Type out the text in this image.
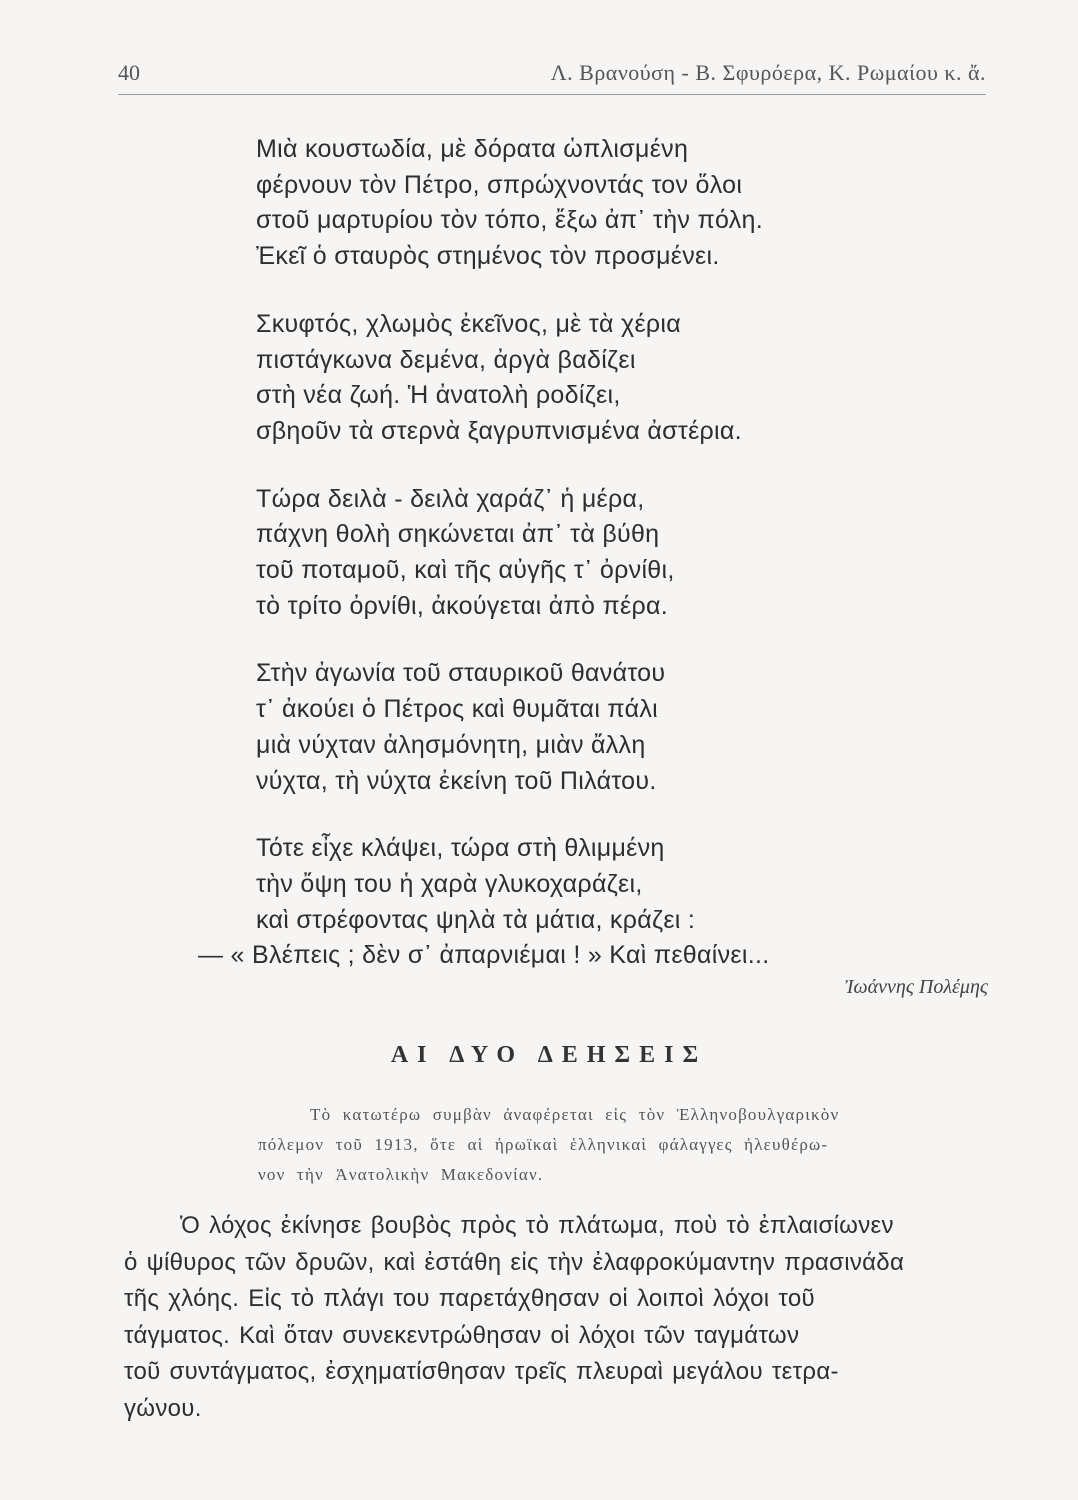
40	Λ. Βρανούση - Β. Σφυρόερα, Κ. Ρωμαίου κ. ἄ.
Μιὰ κουστωδία, μὲ δόρατα ὡπλισμένη
φέρνουν τὸν Πέτρο, σπρώχνοντάς τον ὅλοι
στοῦ μαρτυρίου τὸν τόπο, ἔξω ἀπ᾽ τὴν πόλη.
Ἐκεῖ ὁ σταυρὸς στημένος τὸν προσμένει.
Σκυφτός, χλωμὸς ἐκεῖνος, μὲ τὰ χέρια
πιστάγκωνα δεμένα, ἀργὰ βαδίζει
στὴ νέα ζωή. Ἡ ἀνατολὴ ροδίζει,
σβηοῦν τὰ στερνὰ ξαγρυπνισμένα ἀστέρια.
Τώρα δειλὰ - δειλὰ χαράζ᾽ ἡ μέρα,
πάχνη θολὴ σηκώνεται ἀπ᾽ τὰ βύθη
τοῦ ποταμοῦ, καὶ τῆς αὐγῆς τ᾽ ὀρνίθι,
τὸ τρίτο ὀρνίθι, ἀκούγεται ἀπὸ πέρα.
Στὴν ἀγωνία τοῦ σταυρικοῦ θανάτου
τ᾽ ἀκούει ὁ Πέτρος καὶ θυμᾶται πάλι
μιὰ νύχταν ἀλησμόνητη, μιὰν ἄλλη
νύχτα, τὴ νύχτα ἐκείνη τοῦ Πιλάτου.
Τότε εἶχε κλάψει, τώρα στὴ θλιμμένη
τὴν ὄψη του ἡ χαρὰ γλυκοχαράζει,
καὶ στρέφοντας ψηλὰ τὰ μάτια, κράζει :
— « Βλέπεις ; δὲν σ᾽ ἀπαρνιέμαι ! » Καὶ πεθαίνει...
Ἰωάννης Πολέμης
ΑΙ ΔΥΟ ΔΕΗΣΕΙΣ
Τὸ κατωτέρω συμβὰν ἀναφέρεται εἰς τὸν Ἑλληνοβουλγαρικὸν
πόλεμον τοῦ 1913, ὅτε αἱ ἡρωϊκαὶ ἑλληνικαὶ φάλαγγες ἠλευθέρω-
νον τὴν Ἀνατολικὴν Μακεδονίαν.
Ὁ λόχος ἐκίνησε βουβὸς πρὸς τὸ πλάτωμα, ποὺ τὸ ἐπλαισίωνεν
ὁ ψίθυρος τῶν δρυῶν, καὶ ἐστάθη εἰς τὴν ἐλαφροκύμαντην πρασινάδα
τῆς χλόης. Εἰς τὸ πλάγι του παρετάχθησαν οἱ λοιποὶ λόχοι τοῦ
τάγματος. Καὶ ὅταν συνεκεντρώθησαν οἱ λόχοι τῶν ταγμάτων
τοῦ συντάγματος, ἐσχηματίσθησαν τρεῖς πλευραὶ μεγάλου τετρα-
γώνου.
